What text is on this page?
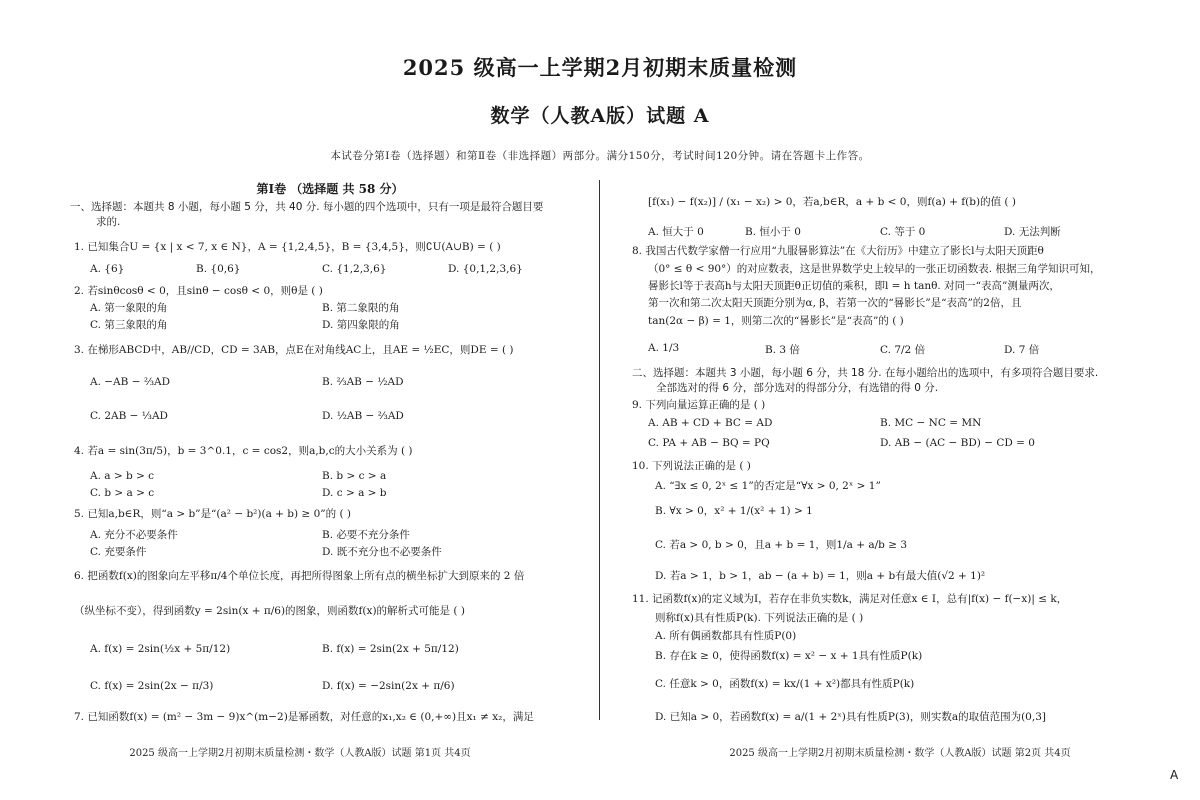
2025 级高一上学期2月初期末质量检测
数学（人教A版）试题 A
本试卷分第Ⅰ卷（选择题）和第Ⅱ卷（非选择题）两部分。满分150分，考试时间120分钟。请在答题卡上作答。
第Ⅰ卷 （选择题 共 58 分）
一、选择题：本题共 8 小题，每小题 5 分，共 40 分. 每小题的四个选项中，只有一项是最符合题目要
求的.
1. 已知集合U = {x | x < 7, x ∈ N}，A = {1,2,4,5}，B = {3,4,5}，则∁U(A∪B) = ( )
A. {6}	B. {0,6}	C. {1,2,3,6}	D. {0,1,2,3,6}
2. 若sinθcosθ < 0，且sinθ − cosθ < 0，则θ是 ( )
A. 第一象限的角	B. 第二象限的角
C. 第三象限的角	D. 第四象限的角
3. 在梯形ABCD中，AB//CD，CD = 3AB，点E在对角线AC上，且AE = ½EC，则DE = ( )
A. −AB − ⅔AD	B. ⅔AB − ½AD
C. 2AB − ⅓AD	D. ½AB − ⅔AD
4. 若a = sin(3π/5)，b = 3^0.1，c = cos2，则a,b,c的大小关系为 ( )
A. a > b > c	B. b > c > a
C. b > a > c	D. c > a > b
5. 已知a,b∈R，则“a > b”是“(a² − b²)(a + b) ≥ 0”的 ( )
A. 充分不必要条件	B. 必要不充分条件
C. 充要条件	D. 既不充分也不必要条件
6. 把函数f(x)的图象向左平移π/4个单位长度，再把所得图象上所有点的横坐标扩大到原来的 2 倍
（纵坐标不变），得到函数y = 2sin(x + π/6)的图象，则函数f(x)的解析式可能是 ( )
A. f(x) = 2sin(½x + 5π/12)	B. f(x) = 2sin(2x + 5π/12)
C. f(x) = 2sin(2x − π/3)	D. f(x) = −2sin(2x + π/6)
7. 已知函数f(x) = (m² − 3m − 9)x^(m−2)是幂函数，对任意的x₁,x₂ ∈ (0,+∞)且x₁ ≠ x₂，满足
2025 级高一上学期2月初期末质量检测・数学（人教A版）试题 第1页 共4页
[f(x₁) − f(x₂)] / (x₁ − x₂) > 0，若a,b∈R，a + b < 0，则f(a) + f(b)的值 ( )
A. 恒大于 0	B. 恒小于 0	C. 等于 0	D. 无法判断
8. 我国古代数学家僧一行应用“九服晷影算法”在《大衍历》中建立了影长l与太阳天顶距θ
（0° ≤ θ < 90°）的对应数表，这是世界数学史上较早的一张正切函数表. 根据三角学知识可知，
晷影长l等于表高h与太阳天顶距θ正切值的乘积，即l = h tanθ. 对同一“表高”测量两次，
第一次和第二次太阳天顶距分别为α, β，若第一次的“晷影长”是“表高”的2倍，且
tan(2α − β) = 1，则第二次的“晷影长”是“表高”的 ( )
A. 1/3	B. 3 倍	C. 7/2 倍	D. 7 倍
二、选择题：本题共 3 小题，每小题 6 分，共 18 分. 在每小题给出的选项中，有多项符合题目要求.
全部选对的得 6 分，部分选对的得部分分，有选错的得 0 分.
9. 下列向量运算正确的是 ( )
A. AB + CD + BC = AD	B. MC − NC = MN
C. PA + AB − BQ = PQ	D. AB − (AC − BD) − CD = 0
10. 下列说法正确的是 ( )
A. “∃x ≤ 0, 2ˣ ≤ 1”的否定是“∀x > 0, 2ˣ > 1”
B. ∀x > 0，x² + 1/(x² + 1) > 1
C. 若a > 0, b > 0，且a + b = 1，则1/a + a/b ≥ 3
D. 若a > 1，b > 1，ab − (a + b) = 1，则a + b有最大值(√2 + 1)²
11. 记函数f(x)的定义域为I，若存在非负实数k，满足对任意x ∈ I，总有|f(x) − f(−x)| ≤ k，
则称f(x)具有性质P(k). 下列说法正确的是 ( )
A. 所有偶函数都具有性质P(0)
B. 存在k ≥ 0，使得函数f(x) = x² − x + 1具有性质P(k)
C. 任意k > 0，函数f(x) = kx/(1 + x²)都具有性质P(k)
D. 已知a > 0，若函数f(x) = a/(1 + 2ˣ)具有性质P(3)，则实数a的取值范围为(0,3]
2025 级高一上学期2月初期末质量检测・数学（人教A版）试题 第2页 共4页
A
